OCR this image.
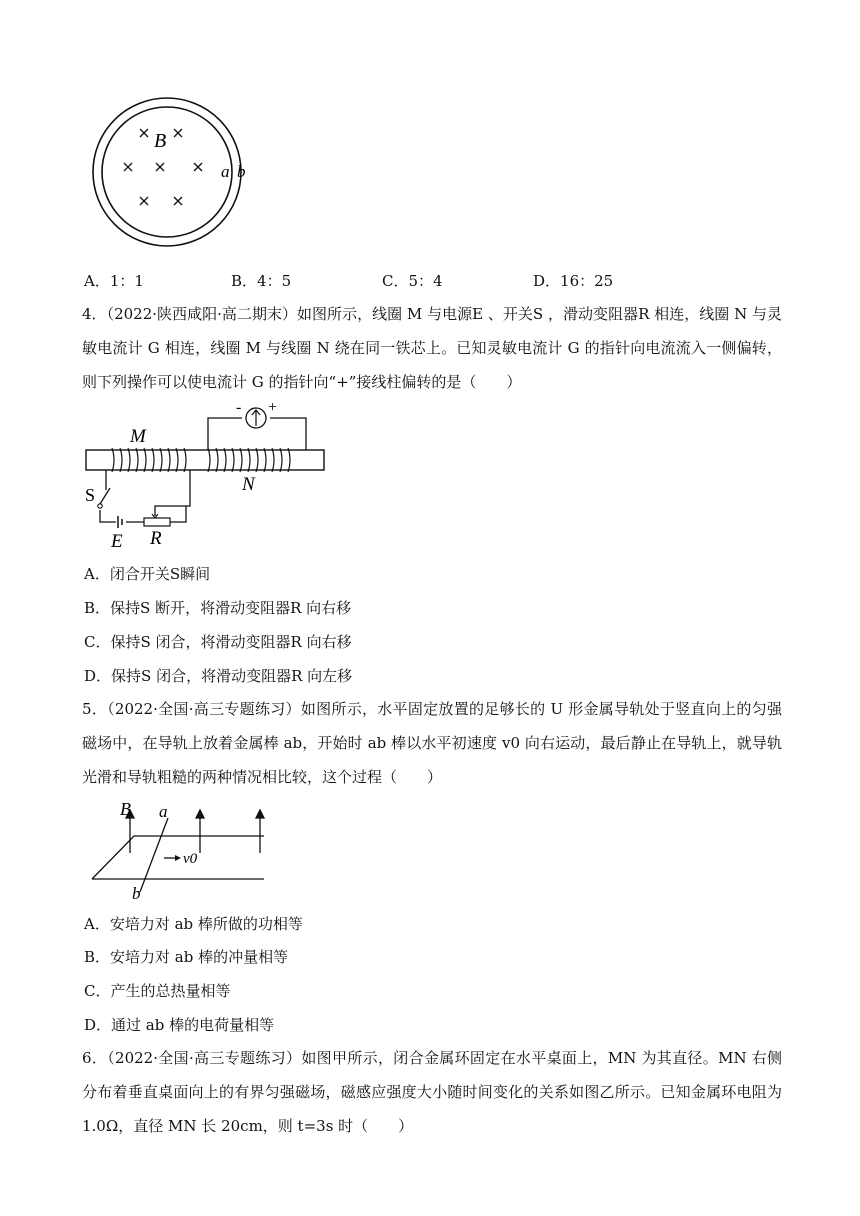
B
a b
A．1：1	B．4：5	C．5：4	D．16：25
4．（2022·陕西咸阳·高二期末）如图所示，线圈 M 与电源E 、开关S ，滑动变阻器R 相连，线圈 N 与灵敏电流计 G 相连，线圈 M 与线圈 N 绕在同一铁芯上。已知灵敏电流计 G 的指针向电流流入一侧偏转，则下列操作可以使电流计 G 的指针向“+”接线柱偏转的是（　　）
- +
M
N
S
E R
A．闭合开关S瞬间
B．保持S 断开，将滑动变阻器R 向右移
C．保持S 闭合，将滑动变阻器R 向右移
D．保持S 闭合，将滑动变阻器R 向左移
5．（2022·全国·高三专题练习）如图所示，水平固定放置的足够长的 U 形金属导轨处于竖直向上的匀强磁场中，在导轨上放着金属棒 ab，开始时 ab 棒以水平初速度 v0 向右运动，最后静止在导轨上，就导轨光滑和导轨粗糙的两种情况相比较，这个过程（　　）
B a
b
v0
A．安培力对 ab 棒所做的功相等
B．安培力对 ab 棒的冲量相等
C．产生的总热量相等
D．通过 ab 棒的电荷量相等
6．（2022·全国·高三专题练习）如图甲所示，闭合金属环固定在水平桌面上，MN 为其直径。MN 右侧分布着垂直桌面向上的有界匀强磁场，磁感应强度大小随时间变化的关系如图乙所示。已知金属环电阻为 1.0Ω，直径 MN 长 20cm，则 t=3s 时（　　）
